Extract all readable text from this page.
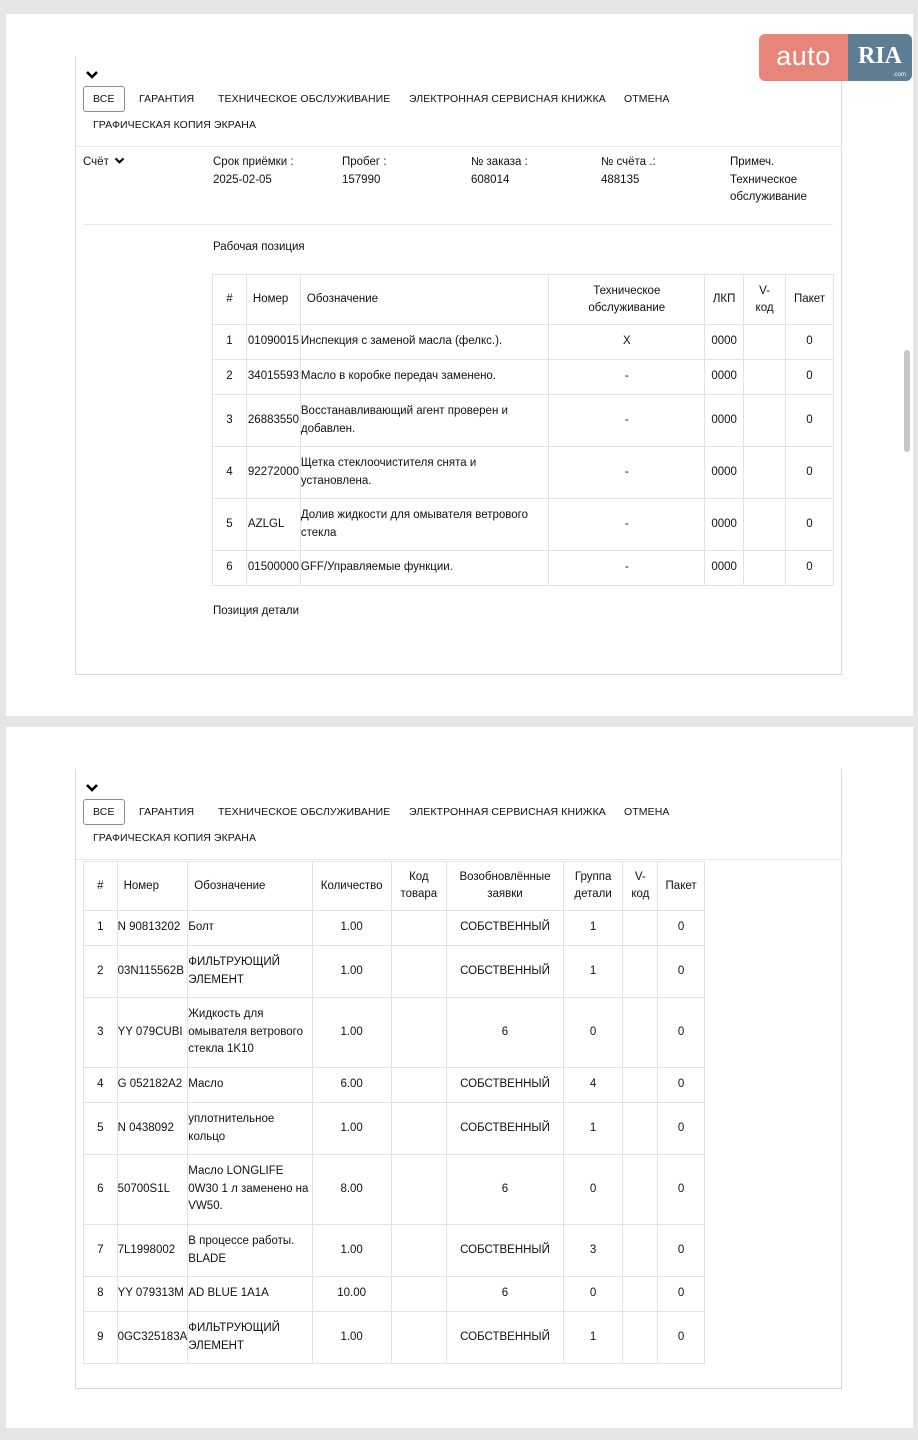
ВСЕ	ГАРАНТИЯ ТЕХНИЧЕСКОЕ ОБСЛУЖИВАНИЕ ЭЛЕКТРОННАЯ СЕРВИСНАЯ КНИЖКА ОТМЕНА
ГРАФИЧЕСКАЯ КОПИЯ ЭКРАНА
Счёт	Срок приёмки :
2025-02-05
Пробег :
157990
№ заказа :
608014
№ счёта .:
488135
Примеч.
Техническое
обслуживание
Рабочая позиция
#	Номер	Обозначение	Техническое
обслуживание	ЛКП	V-
код	Пакет
1	01090015	Инспекция с заменой масла (фелкс.).	X	0000		0
2	34015593	Масло в коробке передач заменено.	-	0000		0
3	26883550	Восстанавливающий агент проверен и
добавлен.	-	0000		0
4	92272000	Щетка стеклоочистителя снята и
установлена.	-	0000		0
5	AZLGL	Долив жидкости для омывателя ветрового
стекла	-	0000		0
6	01500000	GFF/Управляемые функции.	-	0000		0
Позиция детали
auto	RIA
.com
ВСЕ	ГАРАНТИЯ ТЕХНИЧЕСКОЕ ОБСЛУЖИВАНИЕ ЭЛЕКТРОННАЯ СЕРВИСНАЯ КНИЖКА ОТМЕНА
ГРАФИЧЕСКАЯ КОПИЯ ЭКРАНА
#	Номер	Обозначение	Количество	Код
товара	Возобновлённые
заявки	Группа
детали	V-
код	Пакет
1	N 90813202	Болт	1.00		СОБСТВЕННЫЙ	1		0
2	03N115562B	ФИЛЬТРУЮЩИЙ
ЭЛЕМЕНТ	1.00		СОБСТВЕННЫЙ	1		0
3	YY 079CUBI	Жидкость для
омывателя ветрового
стекла 1K10	1.00		6	0		0
4	G 052182A2	Масло	6.00		СОБСТВЕННЫЙ	4		0
5	N 0438092	уплотнительное
кольцо	1.00		СОБСТВЕННЫЙ	1		0
6	50700S1L	Масло LONGLIFE
0W30 1 л заменено на
VW50.	8.00		6	0		0
7	7L1998002	В процессе работы.
BLADE	1.00		СОБСТВЕННЫЙ	3		0
8	YY 079313M	AD BLUE 1A1A	10.00		6	0		0
9	0GC325183A	ФИЛЬТРУЮЩИЙ
ЭЛЕМЕНТ	1.00		СОБСТВЕННЫЙ	1		0
